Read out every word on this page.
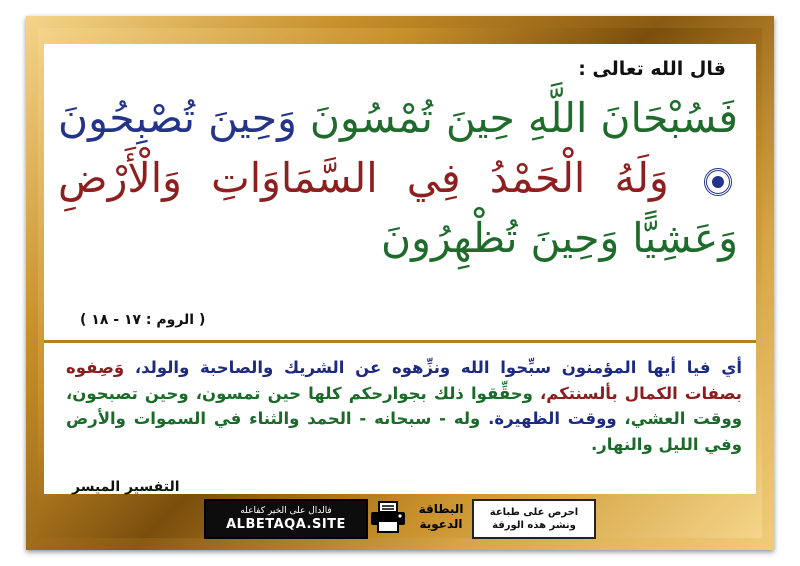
قال الله تعالى :
فَسُبْحَانَ اللَّهِ حِينَ تُمْسُونَ وَحِينَ تُصْبِحُونَ  وَلَهُ الْحَمْدُ فِي السَّمَاوَاتِ وَالْأَرْضِ وَعَشِيًّا وَحِينَ تُظْهِرُونَ
( الروم : ١٧ - ١٨ )
أي فيا أيها المؤمنون سبِّحوا الله ونزِّهوه عن الشريك والصاحبة والولد، وَصِفوه بصفات الكمال بألسنتكم، وحقِّقوا ذلك بجوارحكم كلها حين تمسون، وحين تصبحون، ووقت العشي، ووقت الظهيرة. وله - سبحانه - الحمد والثناء في السموات والأرض وفي الليل والنهار.
التفسير الميسر
احرص على طباعة
ونشر هذه الورقة
البطاقة
الدعوية
فالدال على الخير كفاعله
ALBETAQA.SITE
